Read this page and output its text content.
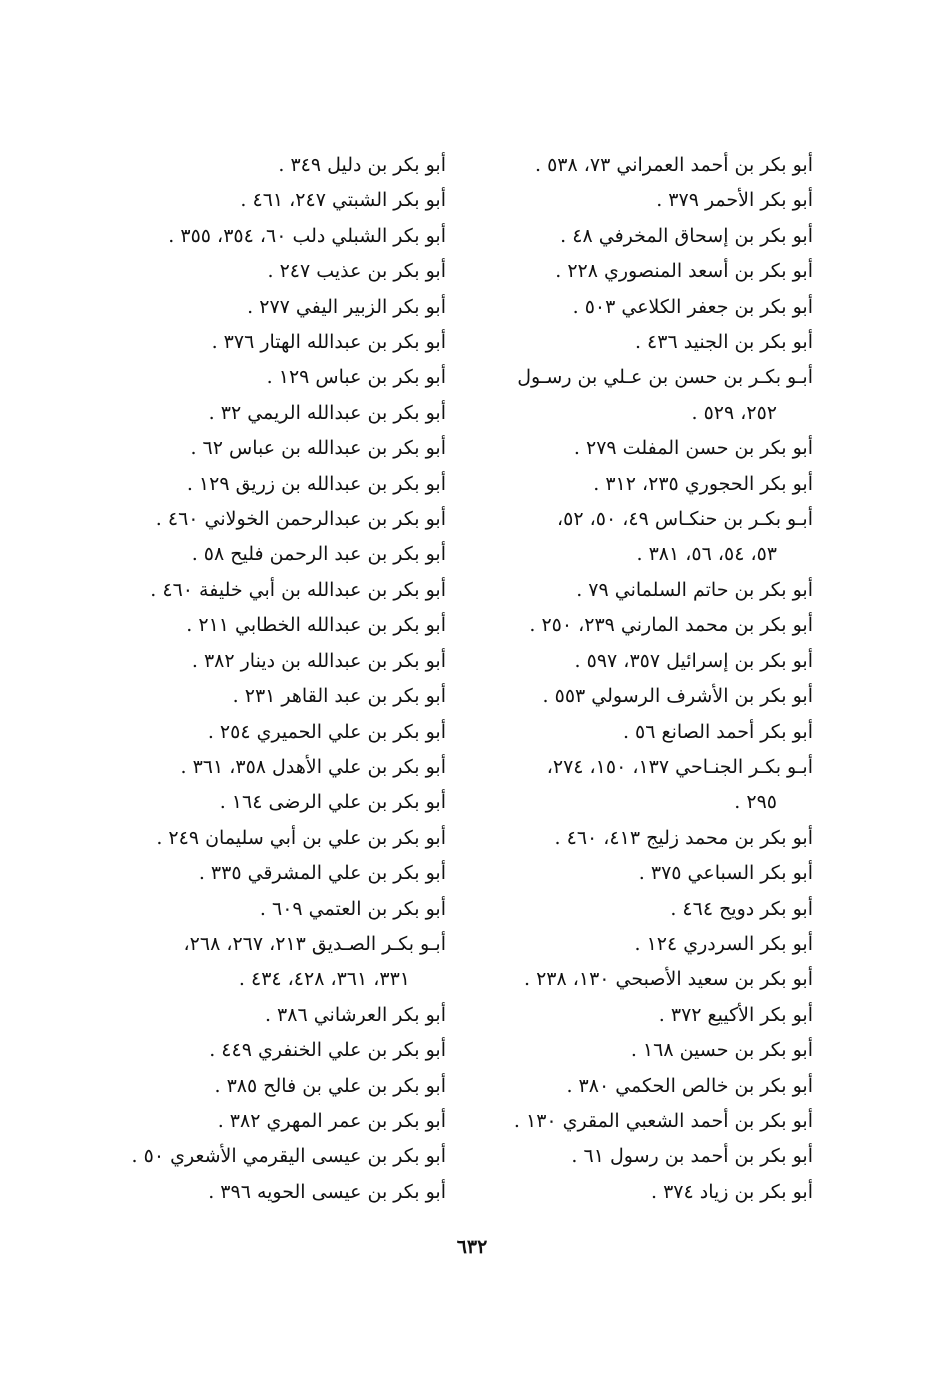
أبو بكر بن أحمد العمراني ٧٣، ٥٣٨ .
أبو بكر الأحمر ٣٧٩ .
أبو بكر بن إسحاق المخرفي ٤٨ .
أبو بكر بن أسعد المنصوري ٢٢٨ .
أبو بكر بن جعفر الكلاعي ٥٠٣ .
أبو بكر بن الجنيد ٤٣٦ .
أبـو بكـر بن حسن بن عـلي بن رسـول
٢٥٢، ٥٢٩ .
أبو بكر بن حسن المفلت ٢٧٩ .
أبو بكر الحجوري ٢٣٥، ٣١٢ .
أبـو بكـر بن حنكـاس ٤٩، ٥٠، ٥٢،
٥٣، ٥٤، ٥٦، ٣٨١ .
أبو بكر بن حاتم السلماني ٧٩ .
أبو بكر بن محمد المارني ٢٣٩، ٢٥٠ .
أبو بكر بن إسرائيل ٣٥٧، ٥٩٧ .
أبو بكر بن الأشرف الرسولي ٥٥٣ .
أبو بكر أحمد الصانع ٥٦ .
أبـو بكـر الجنـاحي ١٣٧، ١٥٠، ٢٧٤،
٢٩٥ .
أبو بكر بن محمد زليج ٤١٣، ٤٦٠ .
أبو بكر السباعي ٣٧٥ .
أبو بكر دويح ٤٦٤ .
أبو بكر السردري ١٢٤ .
أبو بكر بن سعيد الأصبحي ١٣٠، ٢٣٨ .
أبو بكر الأكييع ٣٧٢ .
أبو بكر بن حسين ١٦٨ .
أبو بكر بن خالص الحكمي ٣٨٠ .
أبو بكر بن أحمد الشعبي المقري ١٣٠ .
أبو بكر بن أحمد بن رسول ٦١ .
أبو بكر بن زياد ٣٧٤ .
أبو بكر بن دليل ٣٤٩ .
أبو بكر الشبتي ٢٤٧، ٤٦١ .
أبو بكر الشبلي دلب ٦٠، ٣٥٤، ٣٥٥ .
أبو بكر بن عذيب ٢٤٧ .
أبو بكر الزبير اليفي ٢٧٧ .
أبو بكر بن عبدالله الهتار ٣٧٦ .
أبو بكر بن عباس ١٢٩ .
أبو بكر بن عبدالله الريمي ٣٢ .
أبو بكر بن عبدالله بن عباس ٦٢ .
أبو بكر بن عبدالله بن زريق ١٢٩ .
أبو بكر بن عبدالرحمن الخولاني ٤٦٠ .
أبو بكر بن عبد الرحمن فليح ٥٨ .
أبو بكر بن عبدالله بن أبي خليفة ٤٦٠ .
أبو بكر بن عبدالله الخطابي ٢١١ .
أبو بكر بن عبدالله بن دينار ٣٨٢ .
أبو بكر بن عبد القاهر ٢٣١ .
أبو بكر بن علي الحميري ٢٥٤ .
أبو بكر بن علي الأهدل ٣٥٨، ٣٦١ .
أبو بكر بن علي الرضى ١٦٤ .
أبو بكر بن علي بن أبي سليمان ٢٤٩ .
أبو بكر بن علي المشرقي ٣٣٥ .
أبو بكر بن العتمي ٦٠٩ .
أبـو بكـر الصـديق ٢١٣، ٢٦٧، ٢٦٨،
٣٣١، ٣٦١، ٤٢٨، ٤٣٤ .
أبو بكر العرشاني ٣٨٦ .
أبو بكر بن علي الخنفري ٤٤٩ .
أبو بكر بن علي بن فالح ٣٨٥ .
أبو بكر بن عمر المهري ٣٨٢ .
أبو بكر بن عيسى اليقرمي الأشعري ٥٠ .
أبو بكر بن عيسى الحويه ٣٩٦ .
٦٣٢
